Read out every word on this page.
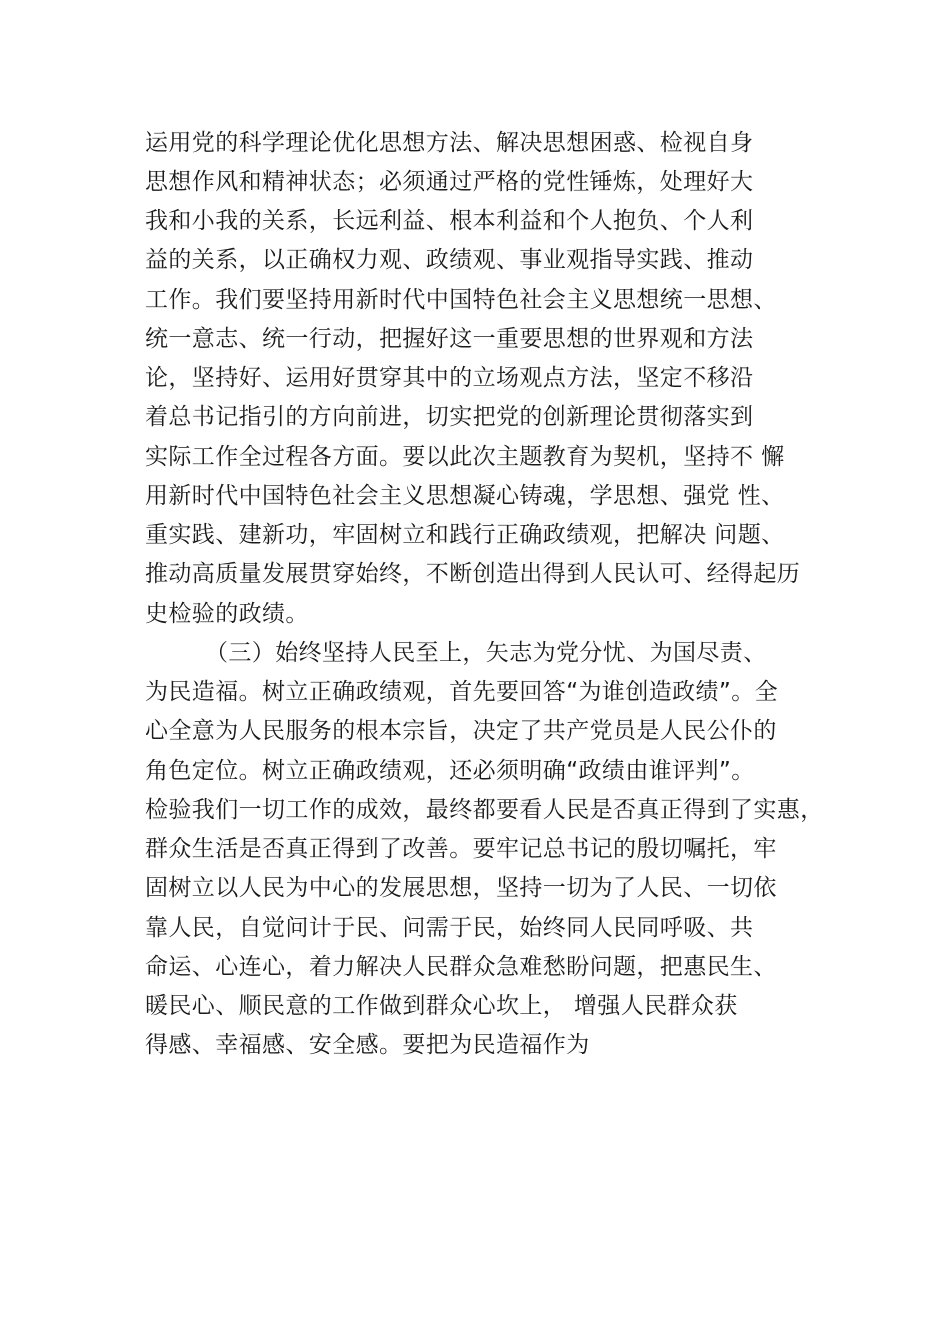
运用党的科学理论优化思想方法、解决思想困惑、检视自身
思想作风和精神状态；必须通过严格的党性锤炼，处理好大
我和小我的关系，长远利益、根本利益和个人抱负、个人利
益的关系，以正确权力观、政绩观、事业观指导实践、推动
工作。我们要坚持用新时代中国特色社会主义思想统一思想、
统一意志、统一行动，把握好这一重要思想的世界观和方法
论，坚持好、运用好贯穿其中的立场观点方法，坚定不移沿
着总书记指引的方向前进，切实把党的创新理论贯彻落实到
实际工作全过程各方面。要以此次主题教育为契机，坚持不 懈
用新时代中国特色社会主义思想凝心铸魂，学思想、强党 性、
重实践、建新功，牢固树立和践行正确政绩观，把解决 问题、
推动高质量发展贯穿始终，不断创造出得到人民认可、经得起历
史检验的政绩。
（三）始终坚持人民至上，矢志为党分忧、为国尽责、
为民造福。树立正确政绩观，首先要回答“为谁创造政绩”。全
心全意为人民服务的根本宗旨，决定了共产党员是人民公仆的
角色定位。树立正确政绩观，还必须明确“政绩由谁评判”。
检验我们一切工作的成效，最终都要看人民是否真正得到了实惠，
群众生活是否真正得到了改善。要牢记总书记的殷切嘱托，牢
固树立以人民为中心的发展思想，坚持一切为了人民、一切依
靠人民，自觉问计于民、问需于民，始终同人民同呼吸、共
命运、心连心，着力解决人民群众急难愁盼问题，把惠民生、
暖民心、顺民意的工作做到群众心坎上， 增强人民群众获
得感、幸福感、安全感。要把为民造福作为
